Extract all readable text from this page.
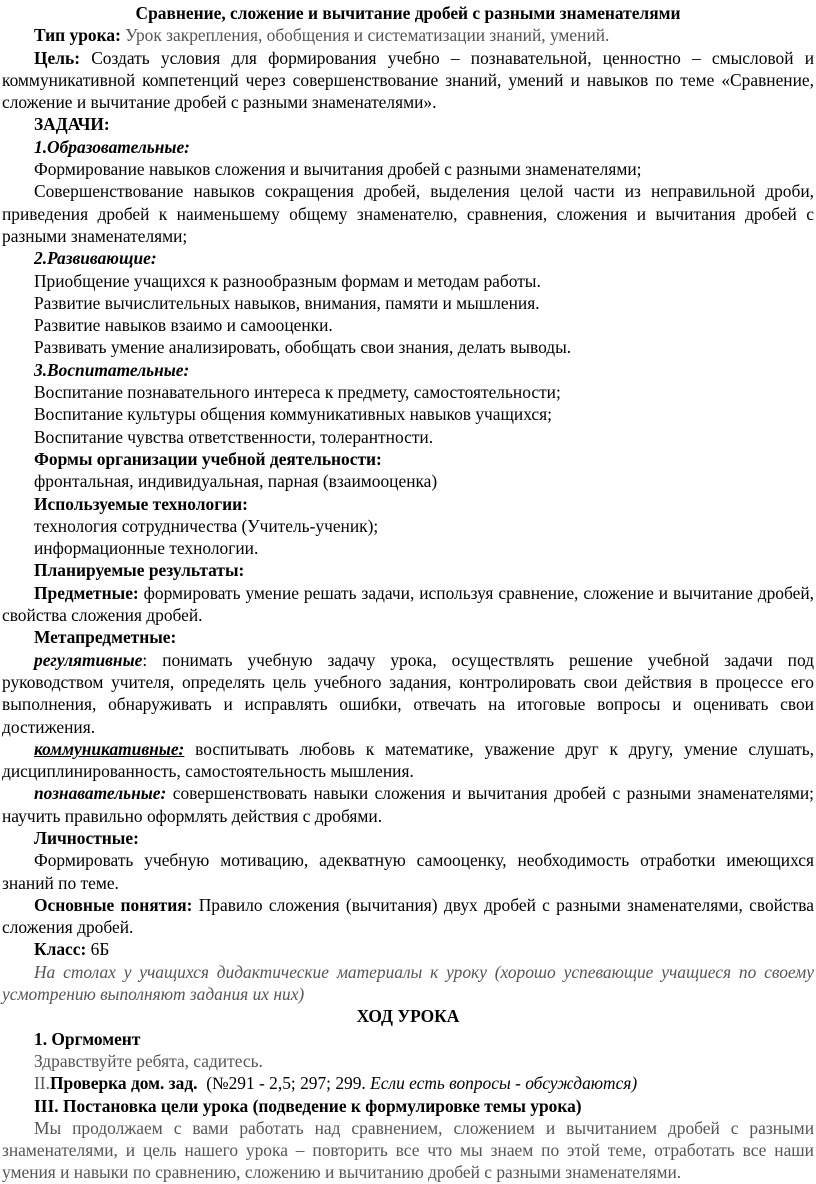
Сравнение, сложение и вычитание дробей с разными знаменателями

Тип урока: Урок закрепления, обобщения и систематизации знаний, умений.

Цель: Создать условия для формирования учебно – познавательной, ценностно – смысловой и коммуникативной компетенций через совершенствование знаний, умений и навыков по теме «Сравнение, сложение и вычитание дробей с разными знаменателями».

ЗАДАЧИ:

1.Образовательные:

Формирование навыков сложения и вычитания дробей с разными знаменателями;

Совершенствование навыков сокращения дробей, выделения целой части из неправильной дроби, приведения дробей к наименьшему общему знаменателю, сравнения, сложения и вычитания дробей с разными знаменателями;

2.Развивающие:

Приобщение учащихся к разнообразным формам и методам работы.

Развитие вычислительных навыков, внимания, памяти и мышления.

Развитие навыков взаимо и самооценки.

Развивать умение анализировать, обобщать свои знания, делать выводы.

3.Воспитательные:

Воспитание познавательного интереса к предмету, самостоятельности;

Воспитание культуры общения коммуникативных навыков учащихся;

Воспитание чувства ответственности, толерантности.

Формы организации учебной деятельности:

фронтальная, индивидуальная, парная (взаимооценка)

Используемые технологии:

технология сотрудничества (Учитель-ученик);

информационные технологии.

Планируемые результаты:

Предметные: формировать умение решать задачи, используя сравнение, сложение и вычитание дробей, свойства сложения дробей.

Метапредметные:

регулятивные: понимать учебную задачу урока, осуществлять решение учебной задачи под руководством учителя, определять цель учебного задания, контролировать свои действия в процессе его выполнения, обнаруживать и исправлять ошибки, отвечать на итоговые вопросы и оценивать свои достижения.

коммуникативные: воспитывать любовь к математике, уважение друг к другу, умение слушать, дисциплинированность, самостоятельность мышления.

познавательные: совершенствовать навыки сложения и вычитания дробей с разными знаменателями; научить правильно оформлять действия с дробями.

Личностные:

Формировать учебную мотивацию, адекватную самооценку, необходимость отработки имеющихся знаний по теме.

Основные понятия: Правило сложения (вычитания) двух дробей с разными знаменателями, свойства сложения дробей.

Класс: 6Б

На столах у учащихся дидактические материалы к уроку (хорошо успевающие учащиеся по своему усмотрению выполняют задания их них)

ХОД УРОКА

1. Оргмомент

Здравствуйте ребята, садитесь.

II.Проверка дом. зад.  (№291 - 2,5; 297; 299. Если есть вопросы - обсуждаются)

III. Постановка цели урока (подведение к формулировке темы урока)

Мы продолжаем с вами работать над сравнением, сложением и вычитанием дробей с разными знаменателями, и цель нашего урока – повторить все что мы знаем по этой теме, отработать все наши умения и навыки по сравнению, сложению и вычитанию дробей с разными знаменателями.
